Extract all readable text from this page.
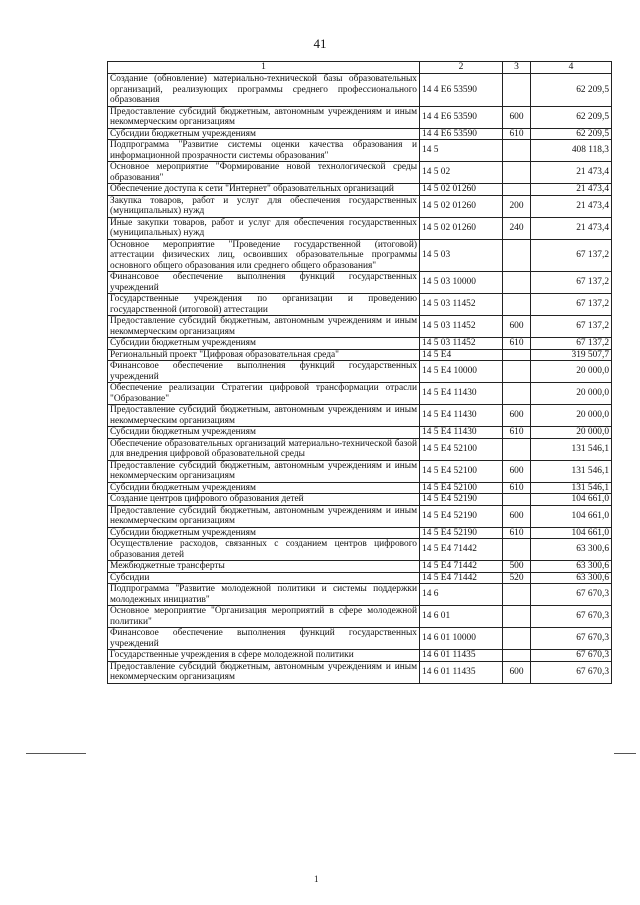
41
1	2	3	4
Создание (обновление) материально-технической базы образовательных организаций, реализующих программы среднего профессионального образования	14 4 E6 53590		62 209,5
Предоставление субсидий бюджетным, автономным учреждениям и иным некоммерческим организациям	14 4 E6 53590	600	62 209,5
Субсидии бюджетным учреждениям	14 4 E6 53590	610	62 209,5
Подпрограмма "Развитие системы оценки качества образования и информационной прозрачности системы образования"	14 5		408 118,3
Основное мероприятие "Формирование новой технологической среды образования"	14 5 02		21 473,4
Обеспечение доступа к сети "Интернет" образовательных организаций	14 5 02 01260		21 473,4
Закупка товаров, работ и услуг для обеспечения государственных (муниципальных) нужд	14 5 02 01260	200	21 473,4
Иные закупки товаров, работ и услуг для обеспечения государственных (муниципальных) нужд	14 5 02 01260	240	21 473,4
Основное мероприятие "Проведение государственной (итоговой) аттестации физических лиц, освоивших образовательные программы основного общего образования или среднего общего образования"	14 5 03		67 137,2
Финансовое обеспечение выполнения функций государственных учреждений	14 5 03 10000		67 137,2
Государственные учреждения по организации и проведению государственной (итоговой) аттестации	14 5 03 11452		67 137,2
Предоставление субсидий бюджетным, автономным учреждениям и иным некоммерческим организациям	14 5 03 11452	600	67 137,2
Субсидии бюджетным учреждениям	14 5 03 11452	610	67 137,2
Региональный проект "Цифровая образовательная среда"	14 5 E4		319 507,7
Финансовое обеспечение выполнения функций государственных учреждений	14 5 E4 10000		20 000,0
Обеспечение реализации Стратегии цифровой трансформации отрасли "Образование"	14 5 E4 11430		20 000,0
Предоставление субсидий бюджетным, автономным учреждениям и иным некоммерческим организациям	14 5 E4 11430	600	20 000,0
Субсидии бюджетным учреждениям	14 5 E4 11430	610	20 000,0
Обеспечение образовательных организаций материально-технической базой для внедрения цифровой образовательной среды	14 5 E4 52100		131 546,1
Предоставление субсидий бюджетным, автономным учреждениям и иным некоммерческим организациям	14 5 E4 52100	600	131 546,1
Субсидии бюджетным учреждениям	14 5 E4 52100	610	131 546,1
Создание центров цифрового образования детей	14 5 E4 52190		104 661,0
Предоставление субсидий бюджетным, автономным учреждениям и иным некоммерческим организациям	14 5 E4 52190	600	104 661,0
Субсидии бюджетным учреждениям	14 5 E4 52190	610	104 661,0
Осуществление расходов, связанных с созданием центров цифрового образования детей	14 5 E4 71442		63 300,6
Межбюджетные трансферты	14 5 E4 71442	500	63 300,6
Субсидии	14 5 E4 71442	520	63 300,6
Подпрограмма "Развитие молодежной политики и системы поддержки молодежных инициатив"	14 6		67 670,3
Основное мероприятие "Организация мероприятий в сфере молодежной политики"	14 6 01		67 670,3
Финансовое обеспечение выполнения функций государственных учреждений	14 6 01 10000		67 670,3
Государственные учреждения в сфере молодежной политики	14 6 01 11435		67 670,3
Предоставление субсидий бюджетным, автономным учреждениям и иным некоммерческим организациям	14 6 01 11435	600	67 670,3
1
